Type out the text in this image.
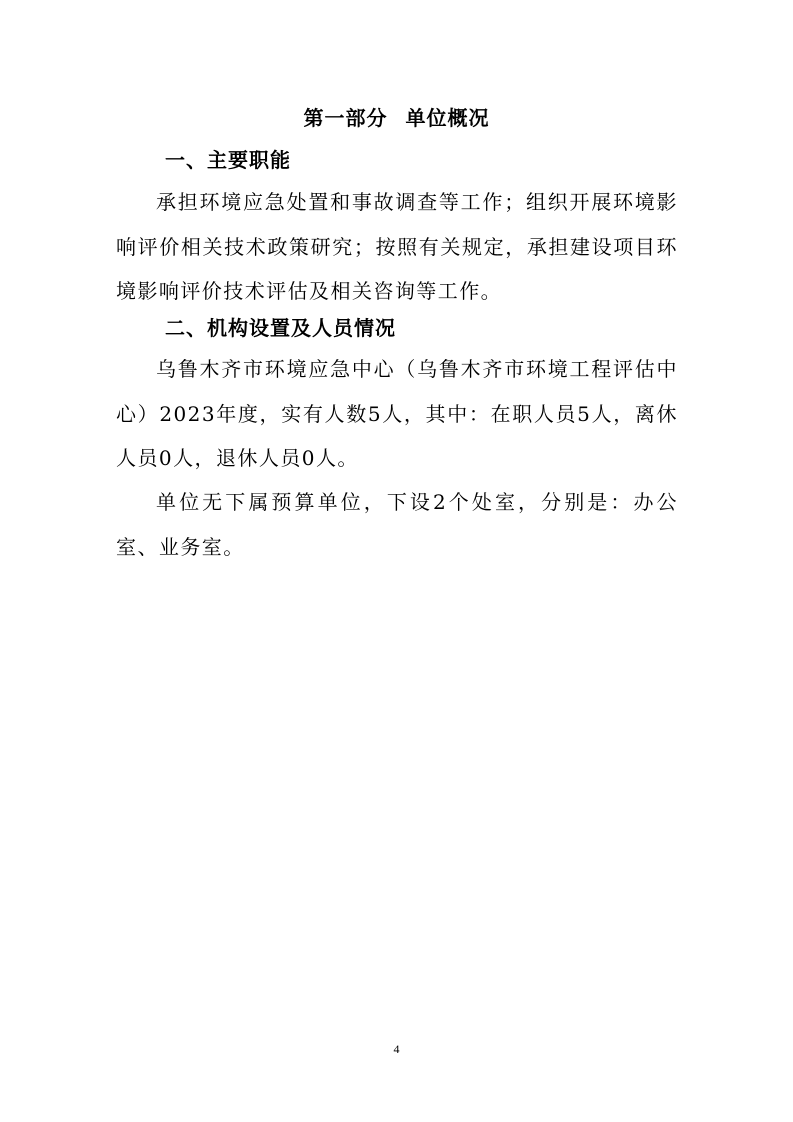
第一部分 单位概况
一、主要职能
承担环境应急处置和事故调查等工作；组织开展环境影响评价相关技术政策研究；按照有关规定，承担建设项目环境影响评价技术评估及相关咨询等工作。
二、机构设置及人员情况
乌鲁木齐市环境应急中心（乌鲁木齐市环境工程评估中心）2023年度，实有人数5人，其中：在职人员5人，离休人员0人，退休人员0人。
单位无下属预算单位，下设2个处室，分别是：办公室、业务室。
4
